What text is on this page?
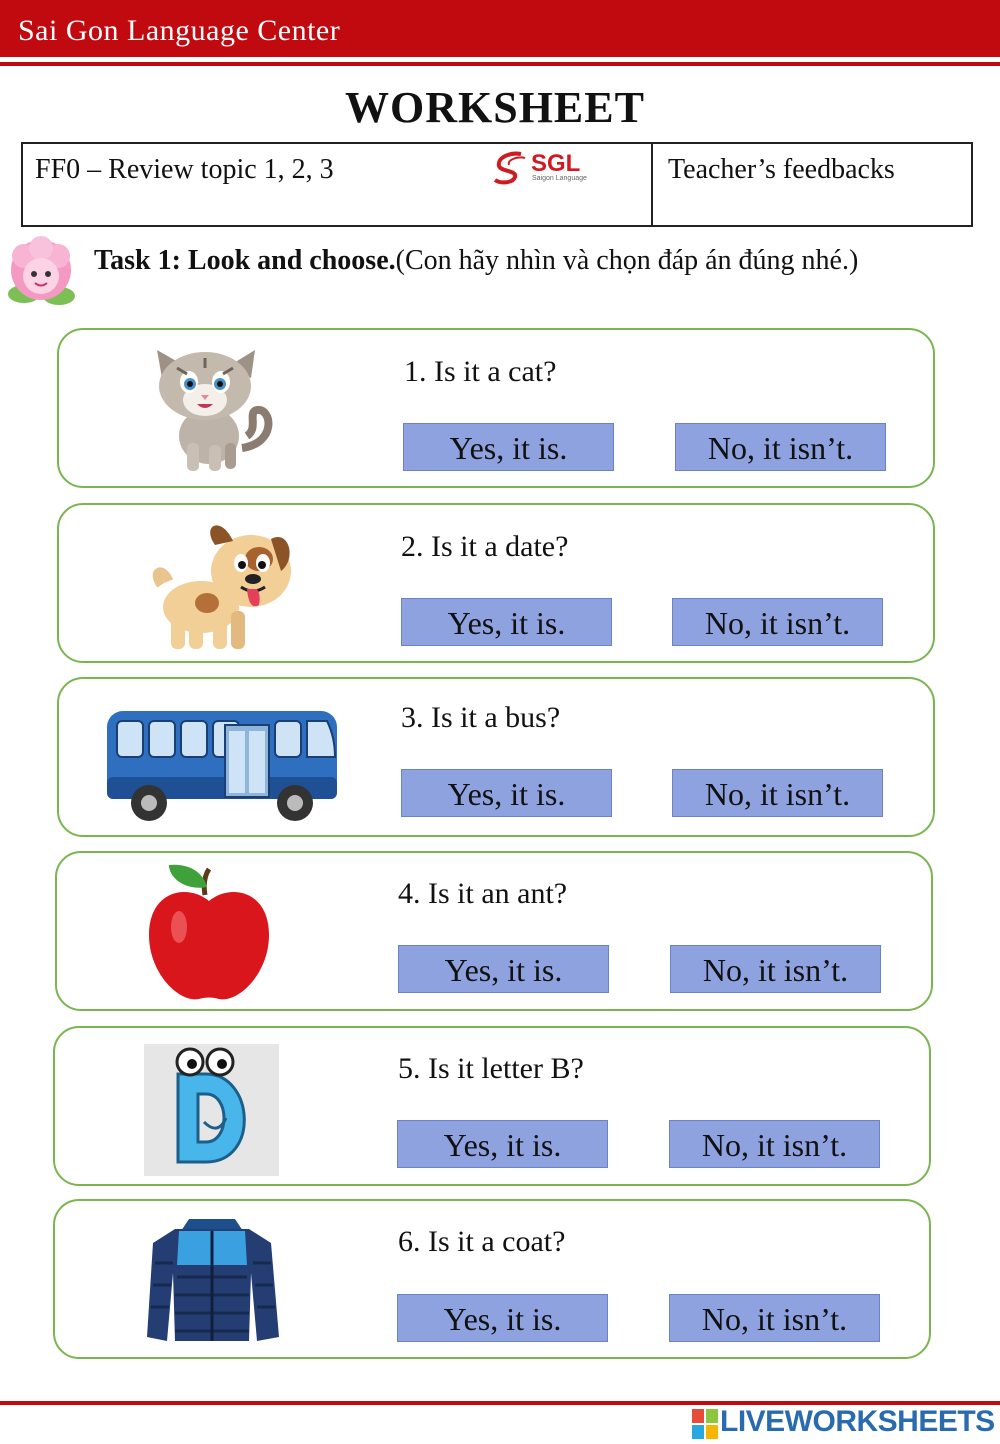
Sai Gon Language Center
WORKSHEET
FF0 – Review topic 1, 2, 3	SGL
Saigon Language	Teacher’s feedbacks
Task 1: Look and choose.(Con hãy nhìn và chọn đáp án đúng nhé.)
1. Is it a cat?
Yes, it is.	No, it isn’t.
2. Is it a date?
Yes, it is.	No, it isn’t.
3. Is it a bus?
Yes, it is.	No, it isn’t.
4. Is it an ant?
Yes, it is.	No, it isn’t.
5. Is it letter B?
Yes, it is.	No, it isn’t.
6. Is it a coat?
Yes, it is.	No, it isn’t.
LIVEWORKSHEETS
